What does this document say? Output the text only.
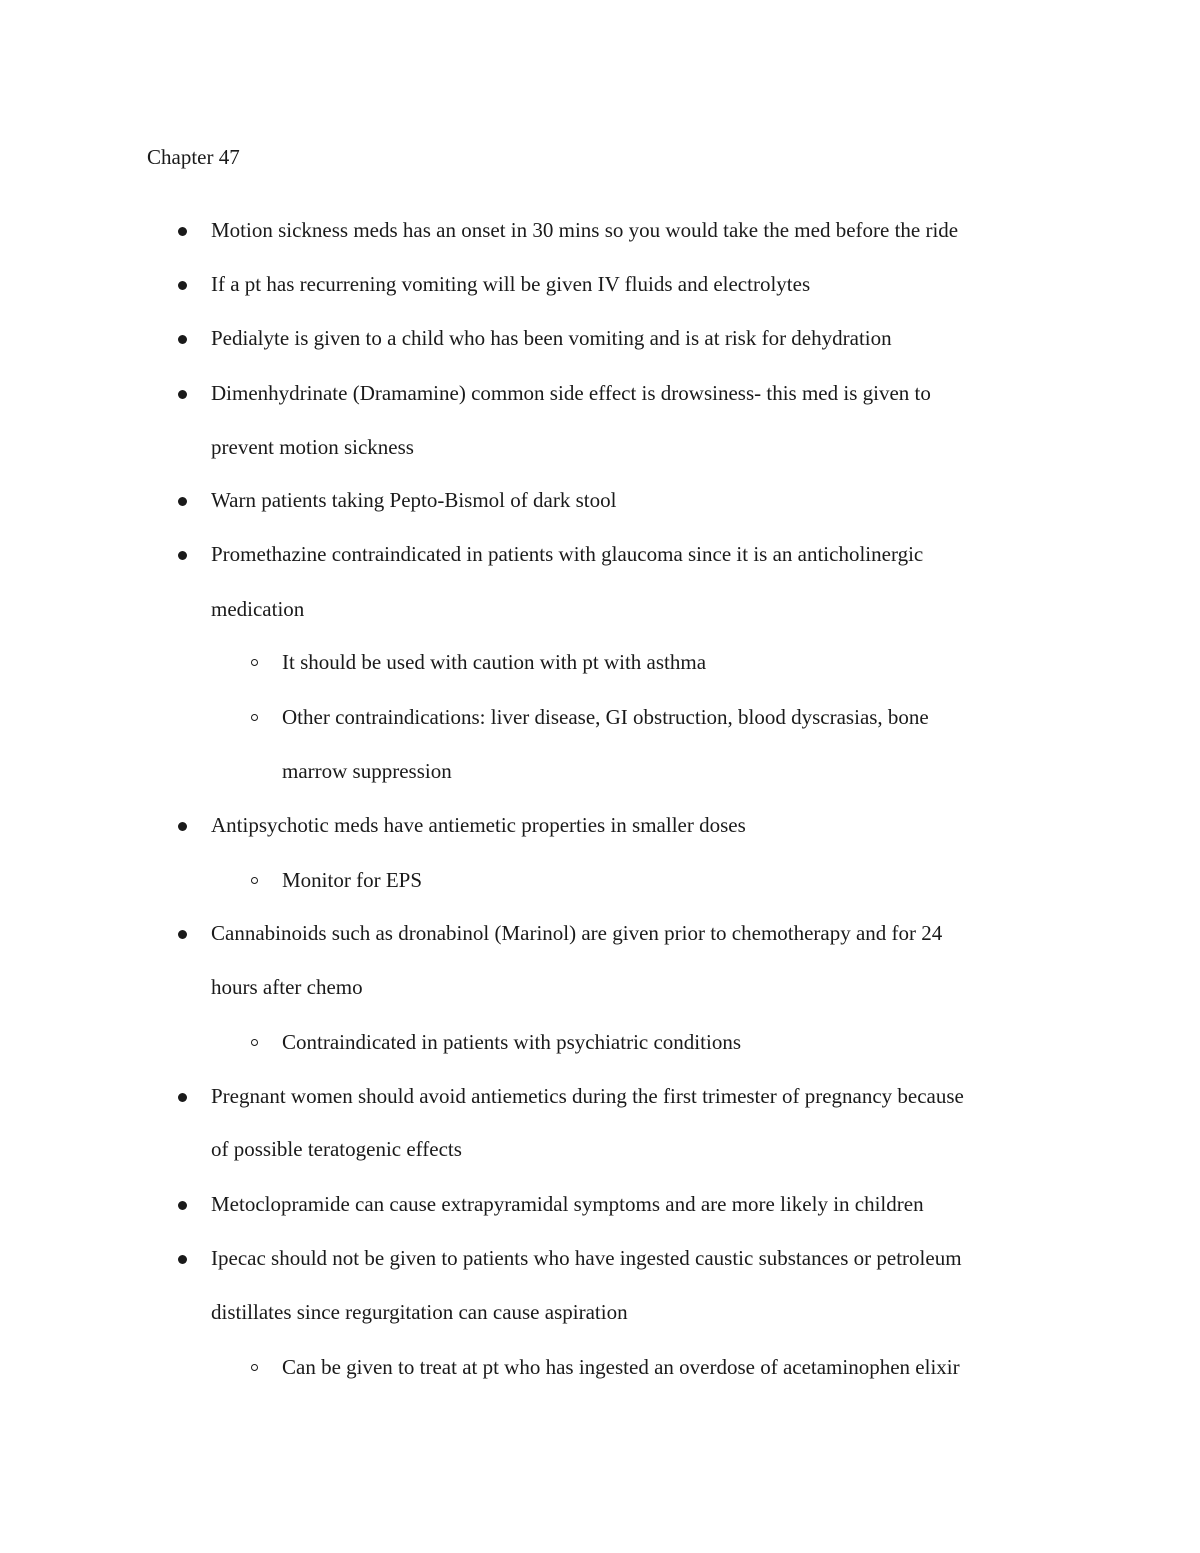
Chapter 47

Motion sickness meds has an onset in 30 mins so you would take the med before the ride

If a pt has recurrening vomiting will be given IV fluids and electrolytes

Pedialyte is given to a child who has been vomiting and is at risk for dehydration

Dimenhydrinate (Dramamine) common side effect is drowsiness- this med is given to

prevent motion sickness

Warn patients taking Pepto-Bismol of dark stool

Promethazine contraindicated in patients with glaucoma since it is an anticholinergic

medication

It should be used with caution with pt with asthma

Other contraindications: liver disease, GI obstruction, blood dyscrasias, bone

marrow suppression

Antipsychotic meds have antiemetic properties in smaller doses

Monitor for EPS

Cannabinoids such as dronabinol (Marinol) are given prior to chemotherapy and for 24

hours after chemo

Contraindicated in patients with psychiatric conditions

Pregnant women should avoid antiemetics during the first trimester of pregnancy because

of possible teratogenic effects

Metoclopramide can cause extrapyramidal symptoms and are more likely in children

Ipecac should not be given to patients who have ingested caustic substances or petroleum

distillates since regurgitation can cause aspiration

Can be given to treat at pt who has ingested an overdose of acetaminophen elixir
